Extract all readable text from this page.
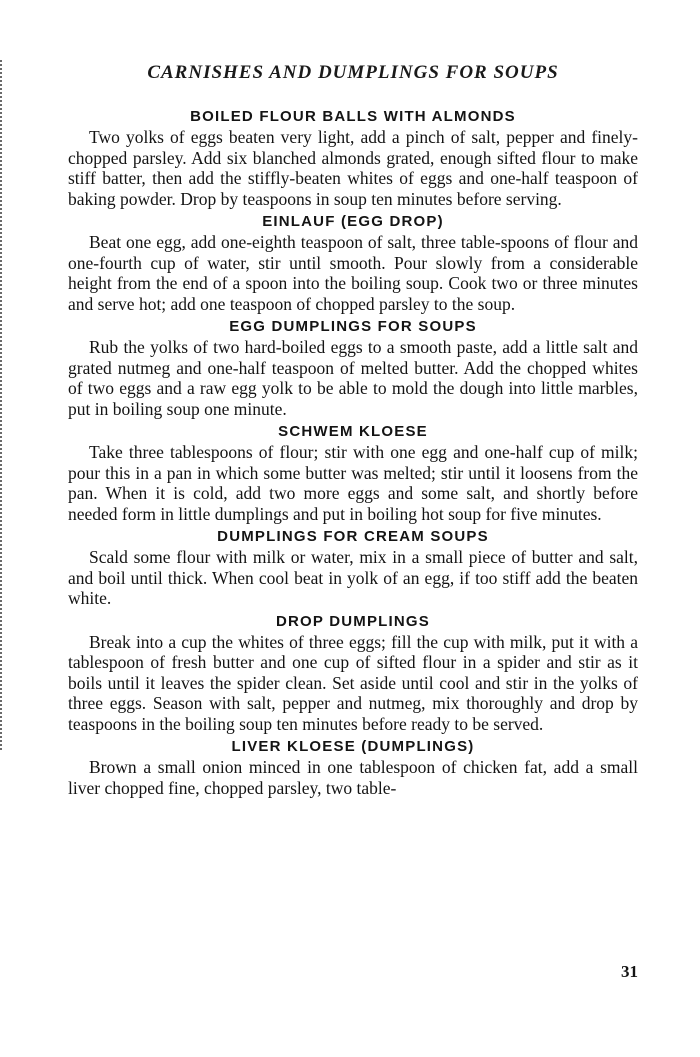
CARNISHES AND DUMPLINGS FOR SOUPS
BOILED FLOUR BALLS WITH ALMONDS

Two yolks of eggs beaten very light, add a pinch of salt, pepper and finely-chopped parsley. Add six blanched almonds grated, enough sifted flour to make stiff batter, then add the stiffly-beaten whites of eggs and one-half teaspoon of baking powder. Drop by teaspoons in soup ten minutes before serving.

EINLAUF (EGG DROP)

Beat one egg, add one-eighth teaspoon of salt, three table-spoons of flour and one-fourth cup of water, stir until smooth. Pour slowly from a considerable height from the end of a spoon into the boiling soup. Cook two or three minutes and serve hot; add one teaspoon of chopped parsley to the soup.

EGG DUMPLINGS FOR SOUPS

Rub the yolks of two hard-boiled eggs to a smooth paste, add a little salt and grated nutmeg and one-half teaspoon of melted butter. Add the chopped whites of two eggs and a raw egg yolk to be able to mold the dough into little marbles, put in boiling soup one minute.

SCHWEM KLOESE

Take three tablespoons of flour; stir with one egg and one-half cup of milk; pour this in a pan in which some butter was melted; stir until it loosens from the pan. When it is cold, add two more eggs and some salt, and shortly before needed form in little dumplings and put in boiling hot soup for five minutes.

DUMPLINGS FOR CREAM SOUPS

Scald some flour with milk or water, mix in a small piece of butter and salt, and boil until thick. When cool beat in yolk of an egg, if too stiff add the beaten white.

DROP DUMPLINGS

Break into a cup the whites of three eggs; fill the cup with milk, put it with a tablespoon of fresh butter and one cup of sifted flour in a spider and stir as it boils until it leaves the spider clean. Set aside until cool and stir in the yolks of three eggs. Season with salt, pepper and nutmeg, mix thoroughly and drop by teaspoons in the boiling soup ten minutes before ready to be served.

LIVER KLOESE (DUMPLINGS)

Brown a small onion minced in one tablespoon of chicken fat, add a small liver chopped fine, chopped parsley, two table-

31
